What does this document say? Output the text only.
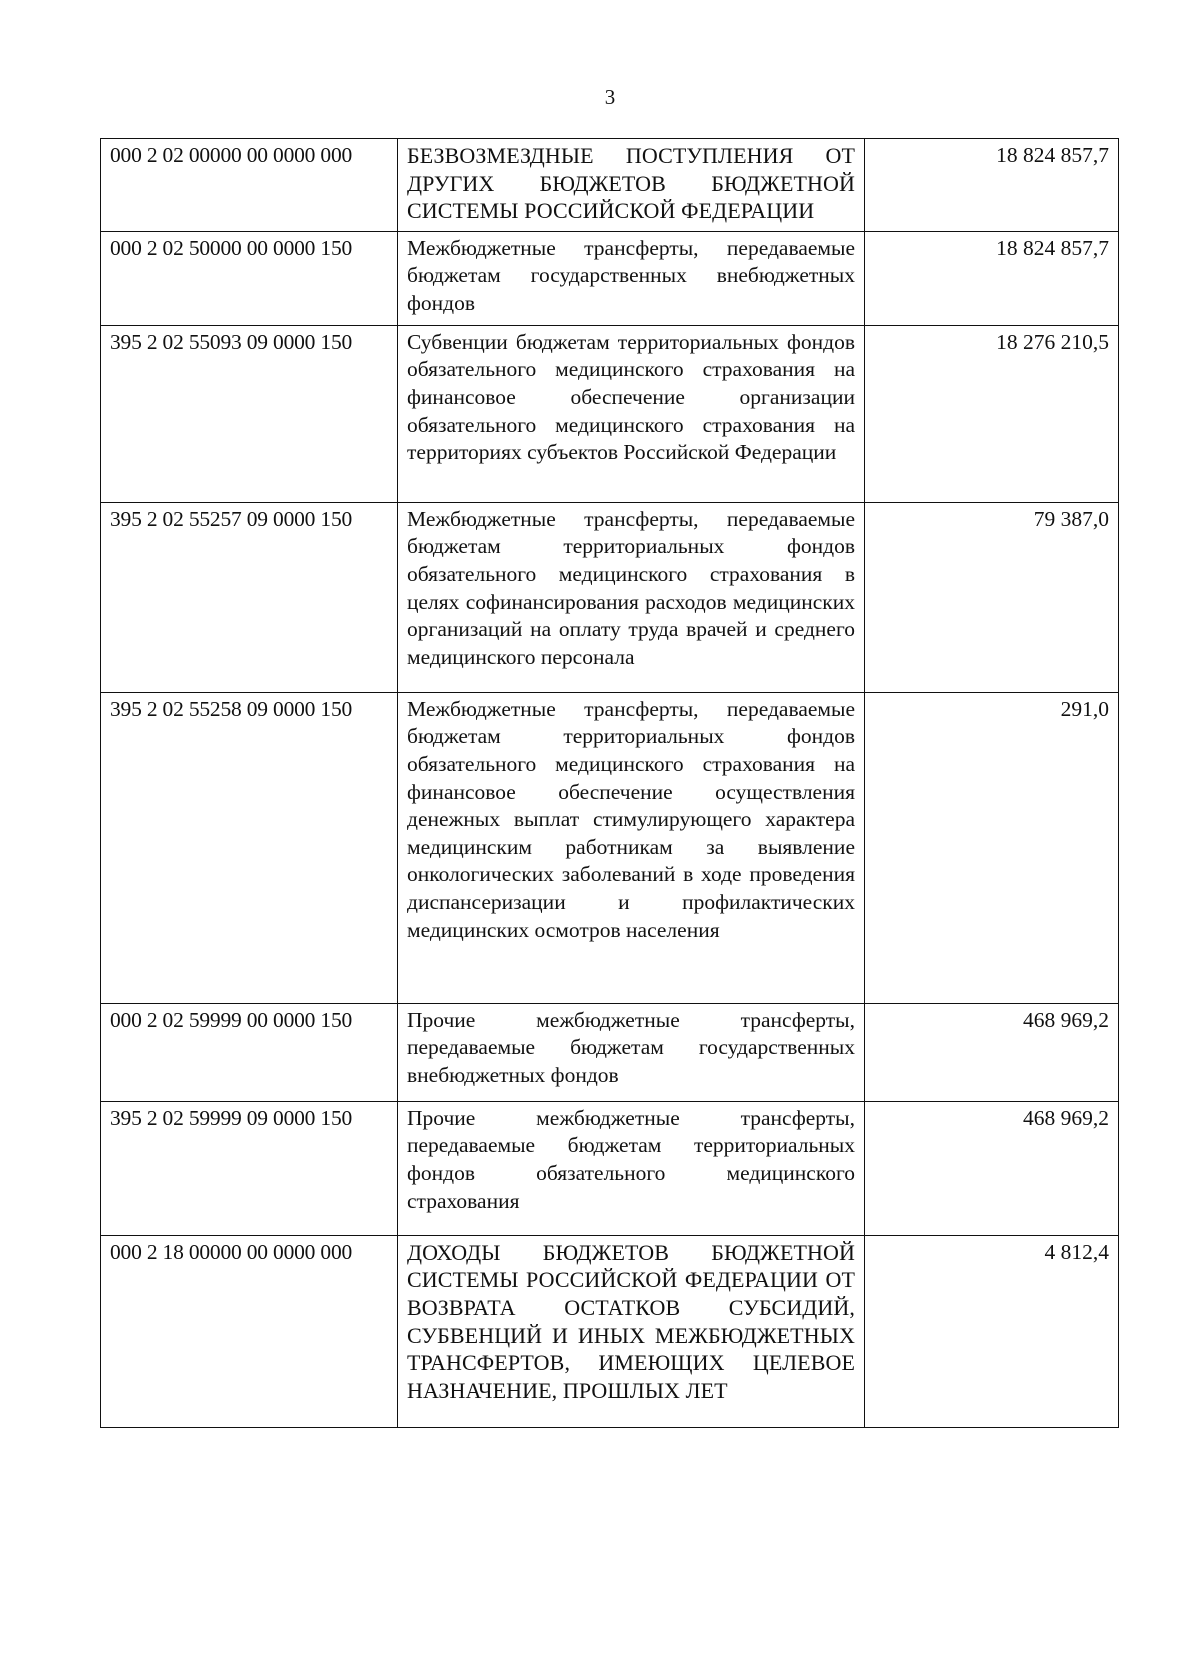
3
000 2 02 00000 00 0000 000	БЕЗВОЗМЕЗДНЫЕ ПОСТУПЛЕНИЯ ОТ ДРУГИХ БЮДЖЕТОВ БЮДЖЕТНОЙ СИСТЕМЫ РОССИЙСКОЙ ФЕДЕРАЦИИ	18 824 857,7
000 2 02 50000 00 0000 150	Межбюджетные трансферты, передаваемые бюджетам государственных внебюджетных фондов	18 824 857,7
395 2 02 55093 09 0000 150	Субвенции бюджетам территориальных фондов обязательного медицинского страхования на финансовое обеспечение организации обязательного медицинского страхования на территориях субъектов Российской Федерации	18 276 210,5
395 2 02 55257 09 0000 150	Межбюджетные трансферты, передаваемые бюджетам территориальных фондов обязательного медицинского страхования в целях софинансирования расходов медицинских организаций на оплату труда врачей и среднего медицинского персонала	79 387,0
395 2 02 55258 09 0000 150	Межбюджетные трансферты, передаваемые бюджетам территориальных фондов обязательного медицинского страхования на финансовое обеспечение осуществления денежных выплат стимулирующего характера медицинским работникам за выявление онкологических заболеваний в ходе проведения диспансеризации и профилактических медицинских осмотров населения	291,0
000 2 02 59999 00 0000 150	Прочие межбюджетные трансферты, передаваемые бюджетам государственных внебюджетных фондов	468 969,2
395 2 02 59999 09 0000 150	Прочие межбюджетные трансферты, передаваемые бюджетам территориальных фондов обязательного медицинского страхования	468 969,2
000 2 18 00000 00 0000 000	ДОХОДЫ БЮДЖЕТОВ БЮДЖЕТНОЙ СИСТЕМЫ РОССИЙСКОЙ ФЕДЕРАЦИИ ОТ ВОЗВРАТА ОСТАТКОВ СУБСИДИЙ, СУБВЕНЦИЙ И ИНЫХ МЕЖБЮДЖЕТНЫХ ТРАНСФЕРТОВ, ИМЕЮЩИХ ЦЕЛЕВОЕ НАЗНАЧЕНИЕ, ПРОШЛЫХ ЛЕТ	4 812,4
